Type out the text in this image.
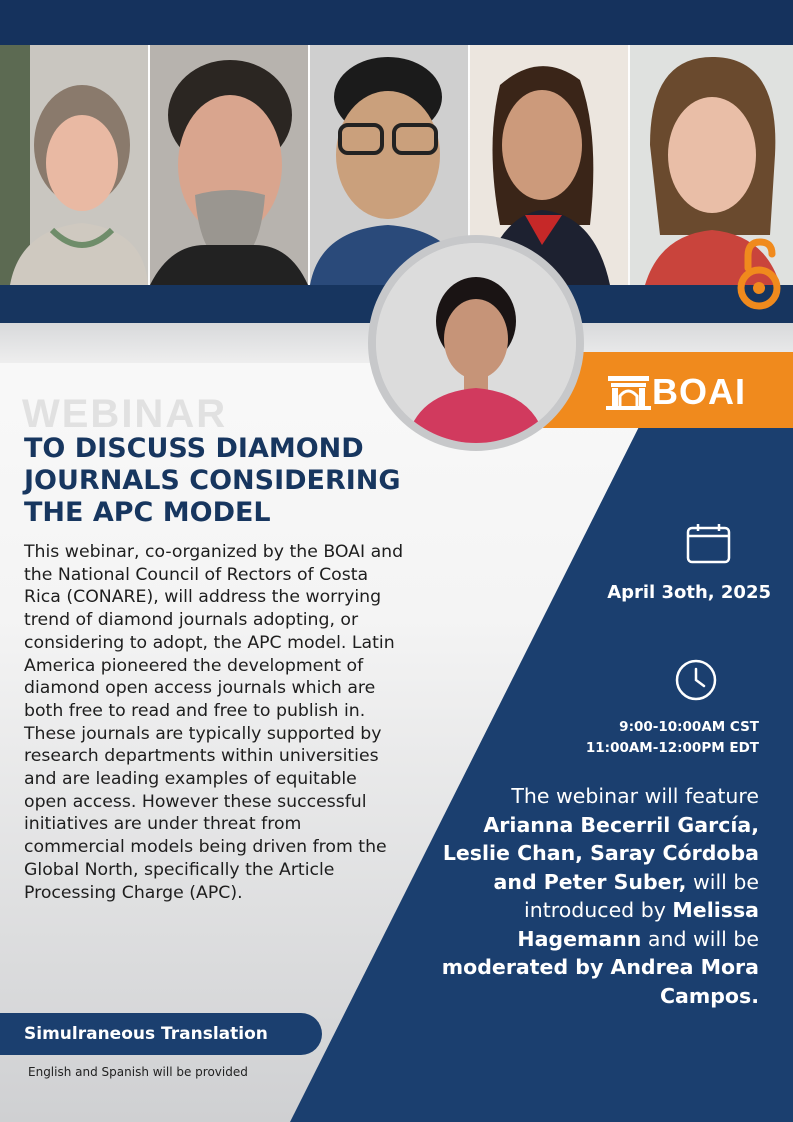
BOAI
WEBINAR
TO DISCUSS DIAMOND
JOURNALS CONSIDERING
THE APC MODEL
This webinar, co-organized by the BOAI and the National Council of Rectors of Costa Rica (CONARE), will address the worrying trend of diamond journals adopting, or considering to adopt, the APC model. Latin America pioneered the development of diamond open access journals which are both free to read and free to publish in. These journals are typically supported by research departments within universities and are leading examples of equitable open access. However these successful initiatives are under threat from commercial models being driven from the Global North, specifically the Article Processing Charge (APC).
April 3oth, 2025
9:00-10:00AM CST
11:00AM-12:00PM EDT
The webinar will feature Arianna Becerril García, Leslie Chan, Saray Córdoba and Peter Suber, will be introduced by Melissa Hagemann and will be moderated by Andrea Mora Campos.
Simulraneous Translation
English and Spanish will be provided
